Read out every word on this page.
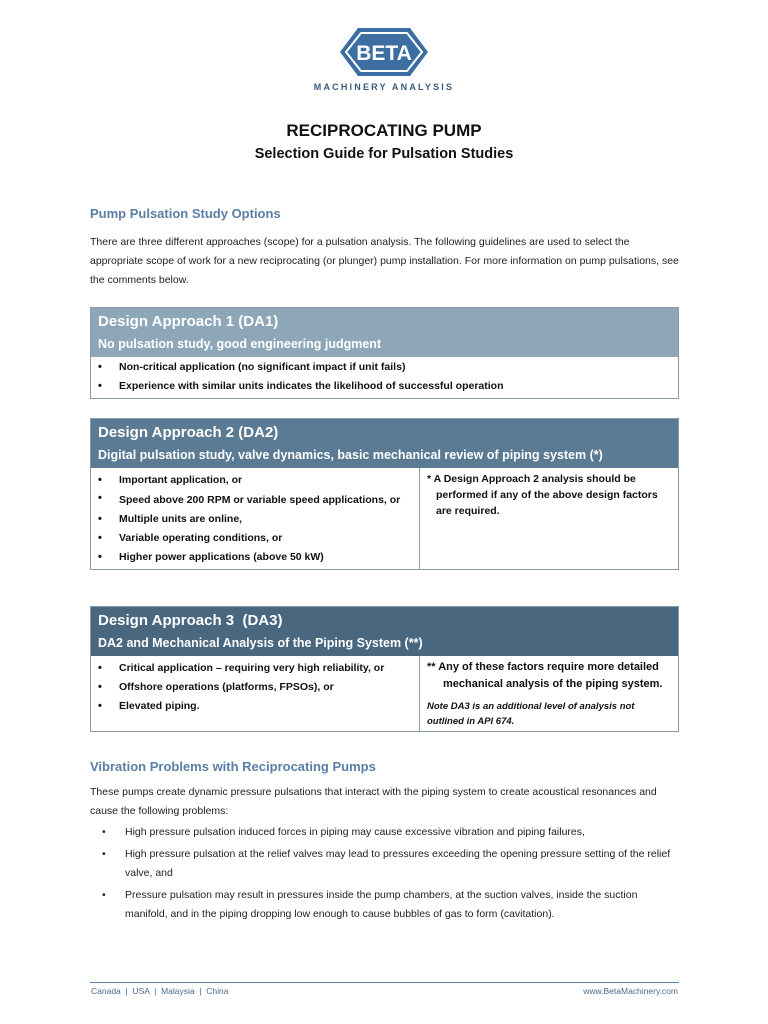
BETA
MACHINERY ANALYSIS
RECIPROCATING PUMP
Selection Guide for Pulsation Studies
Pump Pulsation Study Options
There are three different approaches (scope) for a pulsation analysis. The following guidelines are used to select the appropriate scope of work for a new reciprocating (or plunger) pump installation. For more information on pump pulsations, see the comments below.
Design Approach 1 (DA1)
No pulsation study, good engineering judgment
• Non-critical application (no significant impact if unit fails)
• Experience with similar units indicates the likelihood of successful operation
Design Approach 2 (DA2)
Digital pulsation study, valve dynamics, basic mechanical review of piping system (*)
• Important application, or
• Speed above 200 RPM or variable speed applications, or
• Multiple units are online,
• Variable operating conditions, or
• Higher power applications (above 50 kW)
* A Design Approach 2 analysis should be performed if any of the above design factors are required.
Design Approach 3  (DA3)
DA2 and Mechanical Analysis of the Piping System (**)
• Critical application – requiring very high reliability, or
• Offshore operations (platforms, FPSOs), or
• Elevated piping.
** Any of these factors require more detailed mechanical analysis of the piping system.
Note DA3 is an additional level of analysis not outlined in API 674.
Vibration Problems with Reciprocating Pumps
These pumps create dynamic pressure pulsations that interact with the piping system to create acoustical resonances and cause the following problems:
• High pressure pulsation induced forces in piping may cause excessive vibration and piping failures,
• High pressure pulsation at the relief valves may lead to pressures exceeding the opening pressure setting of the relief valve, and
• Pressure pulsation may result in pressures inside the pump chambers, at the suction valves, inside the suction manifold, and in the piping dropping low enough to cause bubbles of gas to form (cavitation).
Canada  |  USA  |  Malaysia  |  China	www.BetaMachinery.com
